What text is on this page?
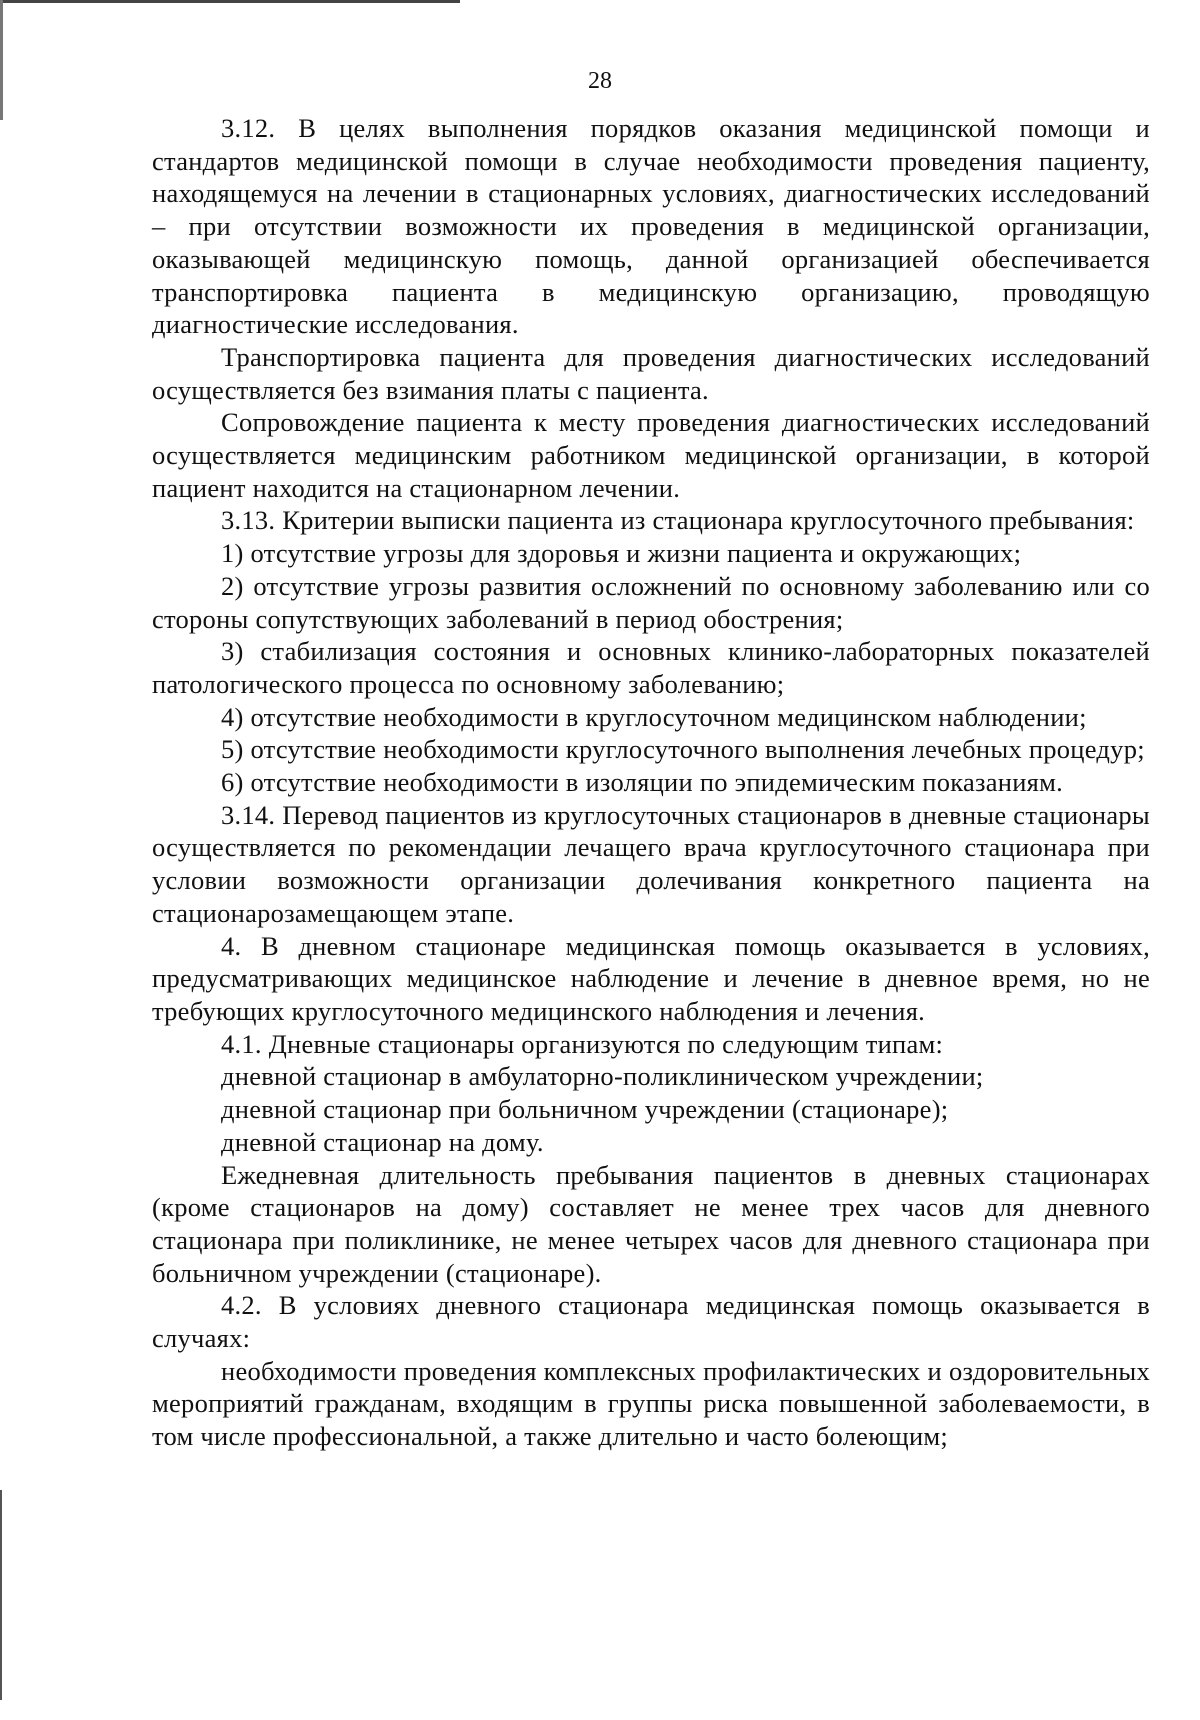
28

3.12. В целях выполнения порядков оказания медицинской помощи и стандартов медицинской помощи в случае необходимости проведения пациенту, находящемуся на лечении в стационарных условиях, диагностических исследований – при отсутствии возможности их проведения в медицинской организации, оказывающей медицинскую помощь, данной организацией обеспечивается транспортировка пациента в медицинскую организацию, проводящую диагностические исследования.

Транспортировка пациента для проведения диагностических исследований осуществляется без взимания платы с пациента.

Сопровождение пациента к месту проведения диагностических исследований осуществляется медицинским работником медицинской организации, в которой пациент находится на стационарном лечении.

3.13. Критерии выписки пациента из стационара круглосуточного пребывания:

1) отсутствие угрозы для здоровья и жизни пациента и окружающих;

2) отсутствие угрозы развития осложнений по основному заболеванию или со стороны сопутствующих заболеваний в период обострения;

3) стабилизация состояния и основных клинико-лабораторных показателей патологического процесса по основному заболеванию;

4) отсутствие необходимости в круглосуточном медицинском наблюдении;

5) отсутствие необходимости круглосуточного выполнения лечебных процедур;

6) отсутствие необходимости в изоляции по эпидемическим показаниям.

3.14. Перевод пациентов из круглосуточных стационаров в дневные стационары осуществляется по рекомендации лечащего врача круглосуточного стационара при условии возможности организации долечивания конкретного пациента на стационарозамещающем этапе.

4. В дневном стационаре медицинская помощь оказывается в условиях, предусматривающих медицинское наблюдение и лечение в дневное время, но не требующих круглосуточного медицинского наблюдения и лечения.

4.1. Дневные стационары организуются по следующим типам:

дневной стационар в амбулаторно-поликлиническом учреждении;

дневной стационар при больничном учреждении (стационаре);

дневной стационар на дому.

Ежедневная длительность пребывания пациентов в дневных стационарах (кроме стационаров на дому) составляет не менее трех часов для дневного стационара при поликлинике, не менее четырех часов для дневного стационара при больничном учреждении (стационаре).

4.2. В условиях дневного стационара медицинская помощь оказывается в случаях:

необходимости проведения комплексных профилактических и оздоровительных мероприятий гражданам, входящим в группы риска повышенной заболеваемости, в том числе профессиональной, а также длительно и часто болеющим;
